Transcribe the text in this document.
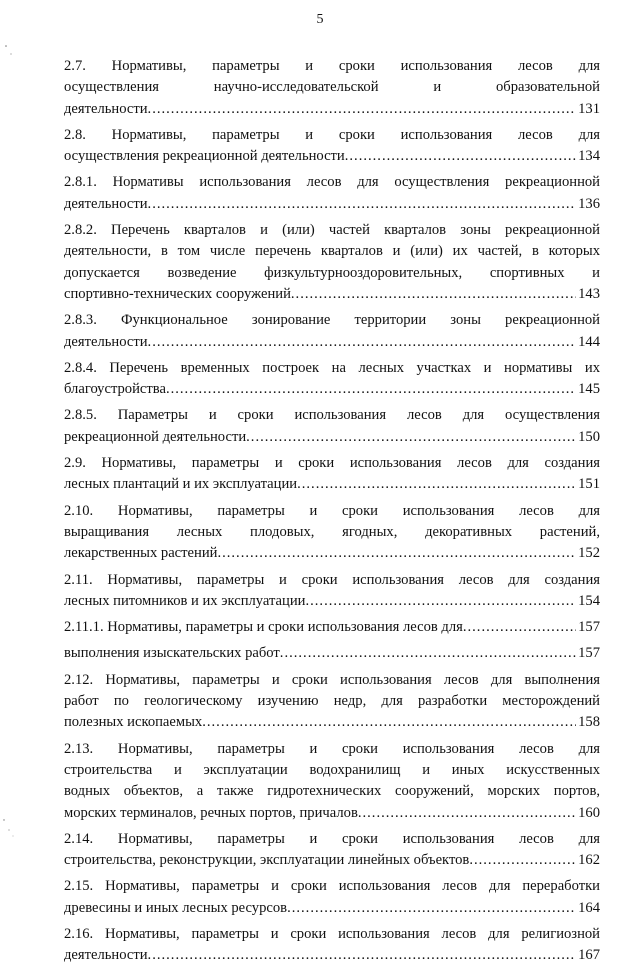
5
2.7. Нормативы, параметры и сроки использования лесов для
осуществления научно-исследовательской и образовательной
деятельности .....	131
2.8. Нормативы, параметры и сроки использования лесов для
осуществления рекреационной деятельности .....	134
2.8.1. Нормативы использования лесов для осуществления рекреационной
деятельности .....	136
2.8.2. Перечень кварталов и (или) частей кварталов зоны рекреационной
деятельности, в том числе перечень кварталов и (или) их частей, в которых
допускается возведение физкультурнооздоровительных, спортивных и
спортивно-технических сооружений .....	143
2.8.3. Функциональное зонирование территории зоны рекреационной
деятельности .....	144
2.8.4. Перечень временных построек на лесных участках и нормативы их
благоустройства .....	145
2.8.5. Параметры и сроки использования лесов для осуществления
рекреационной деятельности .....	150
2.9. Нормативы, параметры и сроки использования лесов для создания
лесных плантаций и их эксплуатации .....	151
2.10. Нормативы, параметры и сроки использования лесов для
выращивания лесных плодовых, ягодных, декоративных растений,
лекарственных растений .....	152
2.11. Нормативы, параметры и сроки использования лесов для создания
лесных питомников и их эксплуатации .....	154
2.11.1. Нормативы, параметры и сроки использования лесов для .....	157
выполнения изыскательских работ .....	157
2.12. Нормативы, параметры и сроки использования лесов для выполнения
работ по геологическому изучению недр, для разработки месторождений
полезных ископаемых .....	158
2.13. Нормативы, параметры и сроки использования лесов для
строительства и эксплуатации водохранилищ и иных искусственных
водных объектов, а также гидротехнических сооружений, морских портов,
морских терминалов, речных портов, причалов .....	160
2.14. Нормативы, параметры и сроки использования лесов для
строительства, реконструкции, эксплуатации линейных объектов .....	162
2.15. Нормативы, параметры и сроки использования лесов для переработки
древесины и иных лесных ресурсов .....	164
2.16. Нормативы, параметры и сроки использования лесов для религиозной
деятельности .....	167
